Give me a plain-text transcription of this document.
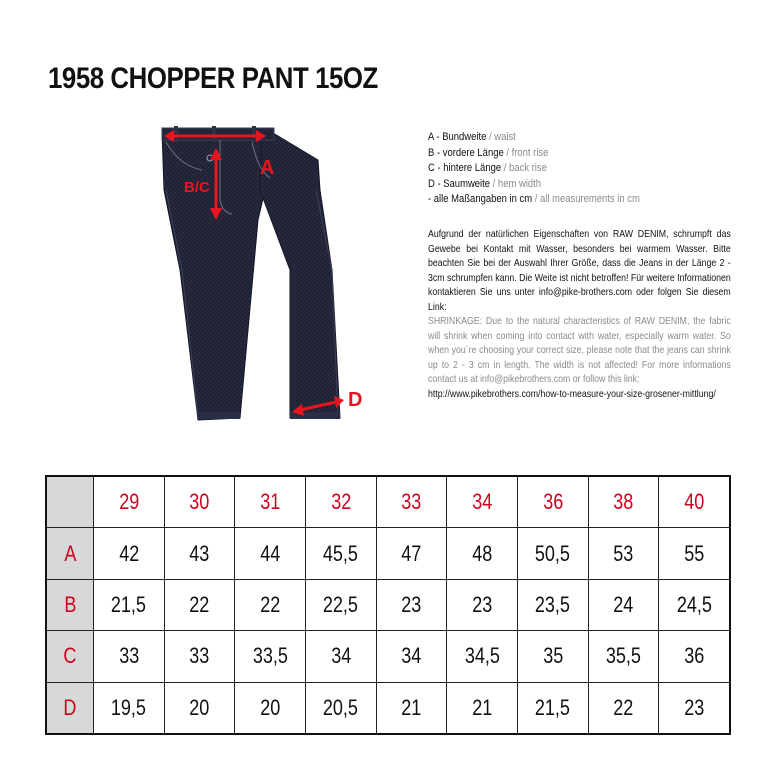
1958 CHOPPER PANT 15OZ
A
B/C
D
A - Bundweite / waist
B - vordere Länge / front rise
C - hintere Länge / back rise
D - Saumweite / hem width
- alle Maßangaben in cm / all measurements in cm

Aufgrund der natürlichen Eigenschaften von RAW DENIM, schrumpft das Gewebe bei Kontakt mit Wasser, besonders bei warmem Wasser. Bitte beachten Sie bei der Auswahl Ihrer Größe, dass die Jeans in der Länge 2 - 3cm schrumpfen kann. Die Weite ist nicht betroffen! Für weitere Informationen kontaktieren Sie uns unter info@pike-brothers.com oder folgen Sie diesem Link:

SHRINKAGE: Due to the natural characteristics of RAW DENIM, the fabric will shrink when coming into contact with water, especially warm water. So when you´re choosing your correct size, please note that the jeans can shrink up to 2 - 3 cm in length. The width is not affected! For more informations contact us at info@pikebrothers.com or follow this link:

http://www.pikebrothers.com/how-to-measure-your-size-grosener-mittlung/

	29	30	31	32	33	34	36	38	40
A	42	43	44	45,5	47	48	50,5	53	55
B	21,5	22	22	22,5	23	23	23,5	24	24,5
C	33	33	33,5	34	34	34,5	35	35,5	36
D	19,5	20	20	20,5	21	21	21,5	22	23
